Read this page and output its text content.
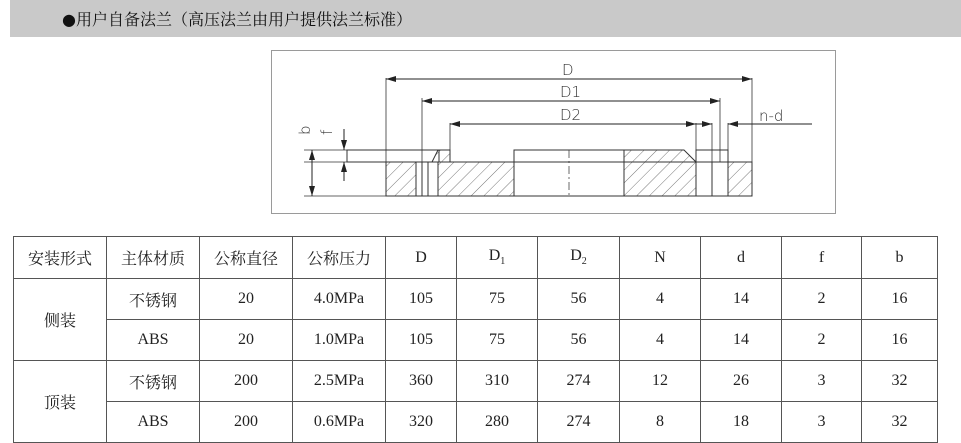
●用户自备法兰（高压法兰由用户提供法兰标准）
D
D1
D2	n-d
b f
安装形式	主体材质	公称直径	公称压力	D	$D_1$	$D_2$	N	d	f	b
侧装	不锈钢	20	4.0MPa	105	75	56	4	14	2	16
	ABS	20	1.0MPa	105	75	56	4	14	2	16
顶装	不锈钢	200	2.5MPa	360	310	274	12	26	3	32
	ABS	200	0.6MPa	320	280	274	8	18	3	32
